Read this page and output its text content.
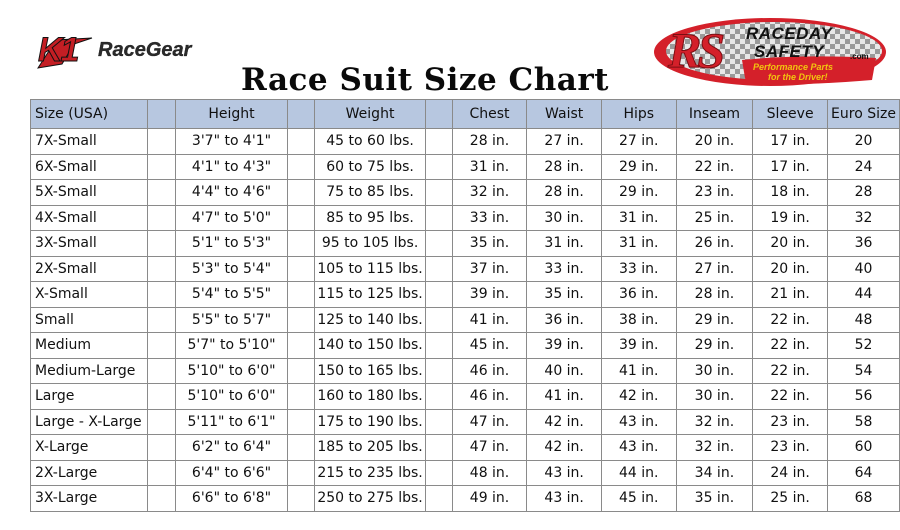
K1 RaceGear	RS RACEDAY
SAFETY	.com
Performance Parts
for the Driver!
Race Suit Size Chart
Size (USA)		Height		Weight		Chest	Waist	Hips	Inseam	Sleeve	Euro Size
7X-Small		3'7" to 4'1"		45 to 60 lbs.		28 in.	27 in.	27 in.	20 in.	17 in.	20
6X-Small		4'1" to 4'3"		60 to 75 lbs.		31 in.	28 in.	29 in.	22 in.	17 in.	24
5X-Small		4'4" to 4'6"		75 to 85 lbs.		32 in.	28 in.	29 in.	23 in.	18 in.	28
4X-Small		4'7" to 5'0"		85 to 95 lbs.		33 in.	30 in.	31 in.	25 in.	19 in.	32
3X-Small		5'1" to 5'3"		95 to 105 lbs.		35 in.	31 in.	31 in.	26 in.	20 in.	36
2X-Small		5'3" to 5'4"		105 to 115 lbs.		37 in.	33 in.	33 in.	27 in.	20 in.	40
X-Small		5'4" to 5'5"		115 to 125 lbs.		39 in.	35 in.	36 in.	28 in.	21 in.	44
Small		5'5" to 5'7"		125 to 140 lbs.		41 in.	36 in.	38 in.	29 in.	22 in.	48
Medium		5'7" to 5'10"		140 to 150 lbs.		45 in.	39 in.	39 in.	29 in.	22 in.	52
Medium-Large		5'10" to 6'0"		150 to 165 lbs.		46 in.	40 in.	41 in.	30 in.	22 in.	54
Large		5'10" to 6'0"		160 to 180 lbs.		46 in.	41 in.	42 in.	30 in.	22 in.	56
Large - X-Large		5'11" to 6'1"		175 to 190 lbs.		47 in.	42 in.	43 in.	32 in.	23 in.	58
X-Large		6'2" to 6'4"		185 to 205 lbs.		47 in.	42 in.	43 in.	32 in.	23 in.	60
2X-Large		6'4" to 6'6"		215 to 235 lbs.		48 in.	43 in.	44 in.	34 in.	24 in.	64
3X-Large		6'6" to 6'8"		250 to 275 lbs.		49 in.	43 in.	45 in.	35 in.	25 in.	68
